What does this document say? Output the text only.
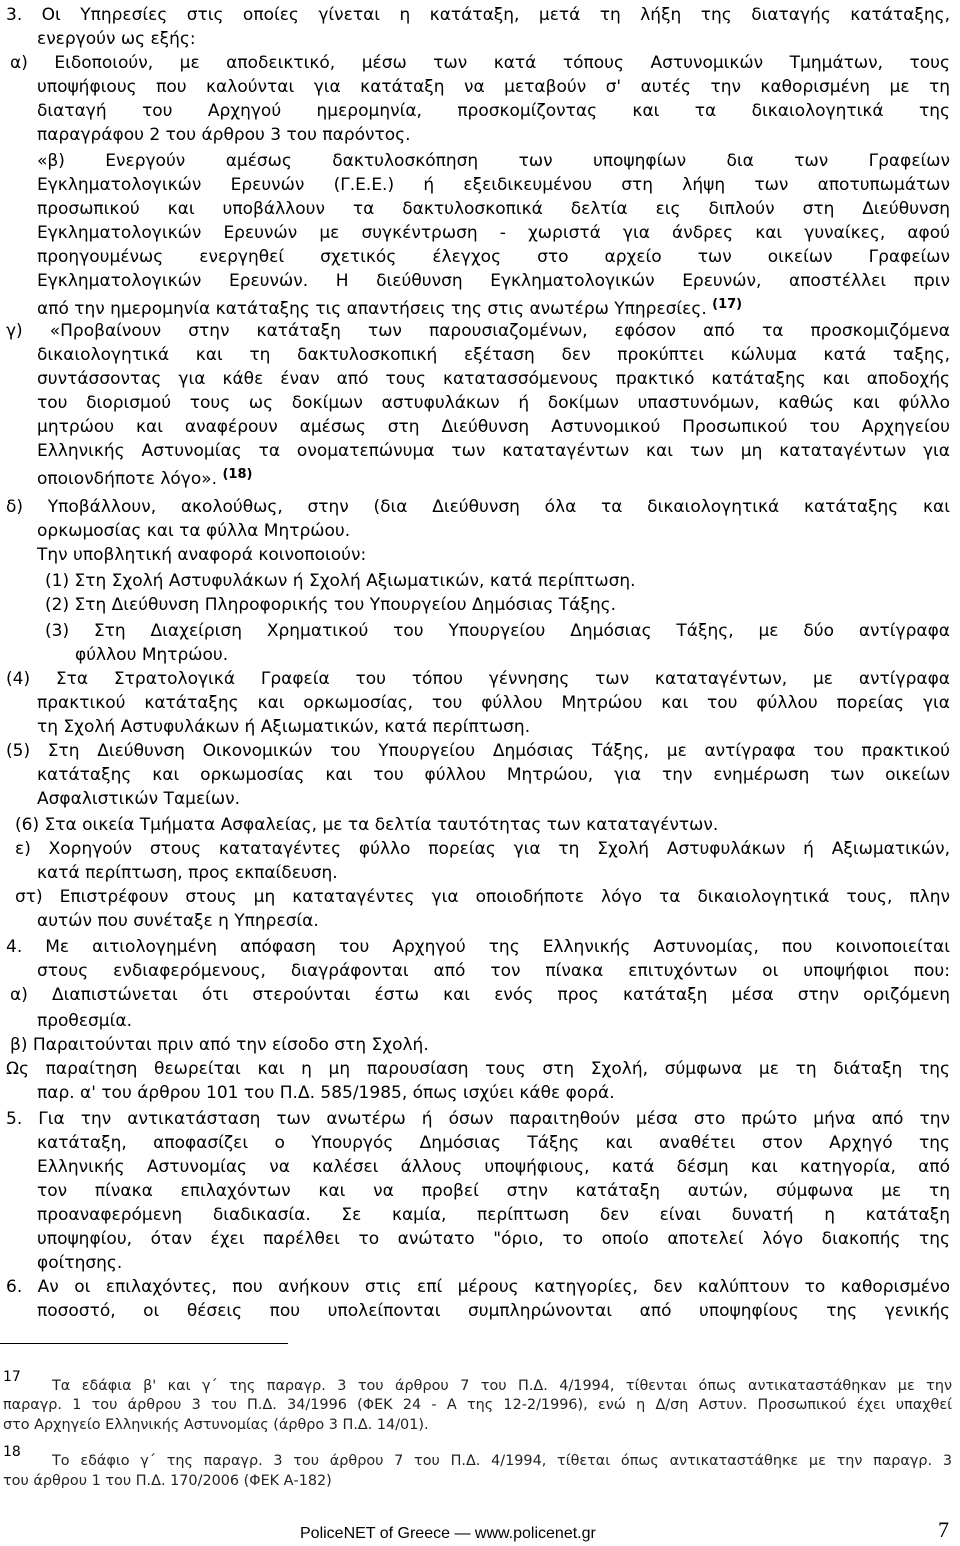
3. Οι Υπηρεσίες στις οποίες γίνεται η κατάταξη, μετά τη λήξη της διαταγής κατάταξης,
ενεργούν ως εξής:
α) Ειδοποιούν, με αποδεικτικό, μέσω των κατά τόπους Αστυνομικών Τμημάτων, τους
υποψήφιους που καλούνται για κατάταξη να μεταβούν σ' αυτές την καθορισμένη με τη
διαταγή του Αρχηγού ημερομηνία, προσκομίζοντας και τα δικαιολογητικά της
παραγράφου 2 του άρθρου 3 του παρόντος.
«β) Ενεργούν αμέσως δακτυλοσκόπηση των υποψηφίων δια των Γραφείων
Εγκληματολογικών Ερευνών (Γ.Ε.Ε.) ή εξειδικευμένου στη λήψη των αποτυπωμάτων
προσωπικού και υποβάλλουν τα δακτυλοσκοπικά δελτία εις διπλούν στη Διεύθυνση
Εγκληματολογικών Ερευνών με συγκέντρωση - χωριστά για άνδρες και γυναίκες, αφού
προηγουμένως ενεργηθεί σχετικός έλεγχος στο αρχείο των οικείων Γραφείων
Εγκληματολογικών Ερευνών. Η διεύθυνση Εγκληματολογικών Ερευνών, αποστέλλει πριν
από την ημερομηνία κατάταξης τις απαντήσεις της στις ανωτέρω Υπηρεσίες. $^{(17)}$
γ) «Προβαίνουν στην κατάταξη των παρουσιαζομένων, εφόσον από τα προσκομιζόμενα
δικαιολογητικά και τη δακτυλοσκοπική εξέταση δεν προκύπτει κώλυμα κατά ταξης,
συντάσσοντας για κάθε έναν από τους κατατασσόμενους πρακτικό κατάταξης και αποδοχής
του διορισμού τους ως δοκίμων αστυφυλάκων ή δοκίμων υπαστυνόμων, καθώς και φύλλο
μητρώου και αναφέρουν αμέσως στη Διεύθυνση Αστυνομικού Προσωπικού του Αρχηγείου
Ελληνικής Αστυνομίας τα ονοματεπώνυμα των καταταγέντων και των μη καταταγέντων για
οποιονδήποτε λόγο». $^{(18)}$
δ) Υποβάλλουν, ακολούθως, στην (δια Διεύθυνση όλα τα δικαιολογητικά κατάταξης και
ορκωμοσίας και τα φύλλα Μητρώου.
Την υποβλητική αναφορά κοινοποιούν:
(1) Στη Σχολή Αστυφυλάκων ή Σχολή Αξιωματικών, κατά περίπτωση.
(2) Στη Διεύθυνση Πληροφορικής του Υπουργείου Δημόσιας Τάξης.
(3) Στη Διαχείριση Χρηματικού του Υπουργείου Δημόσιας Τάξης, με δύο αντίγραφα
φύλλου Μητρώου.
(4) Στα Στρατολογικά Γραφεία του τόπου γέννησης των καταταγέντων, με αντίγραφα
πρακτικού κατάταξης και ορκωμοσίας, του φύλλου Μητρώου και του φύλλου πορείας για
τη Σχολή Αστυφυλάκων ή Αξιωματικών, κατά περίπτωση.
(5) Στη Διεύθυνση Οικονομικών του Υπουργείου Δημόσιας Τάξης, με αντίγραφα του πρακτικού
κατάταξης και ορκωμοσίας και του φύλλου Μητρώου, για την ενημέρωση των οικείων
Ασφαλιστικών Ταμείων.
(6) Στα οικεία Τμήματα Ασφαλείας, με τα δελτία ταυτότητας των καταταγέντων.
ε) Χορηγούν στους καταταγέντες φύλλο πορείας για τη Σχολή Αστυφυλάκων ή Αξιωματικών,
κατά περίπτωση, προς εκπαίδευση.
στ) Επιστρέφουν στους μη καταταγέντες για οποιοδήποτε λόγο τα δικαιολογητικά τους, πλην
αυτών που συνέταξε η Υπηρεσία.
4. Με αιτιολογημένη απόφαση του Αρχηγού της Ελληνικής Αστυνομίας, που κοινοποιείται
στους ενδιαφερόμενους, διαγράφονται από τον πίνακα επιτυχόντων οι υποψήφιοι που:
α) Διαπιστώνεται ότι στερούνται έστω και ενός προς κατάταξη μέσα στην οριζόμενη
προθεσμία.
β) Παραιτούνται πριν από την είσοδο στη Σχολή.
Ως παραίτηση θεωρείται και η μη παρουσίαση τους στη Σχολή, σύμφωνα με τη διάταξη της
παρ. α' του άρθρου 101 του Π.Δ. 585/1985, όπως ισχύει κάθε φορά.
5. Για την αντικατάσταση των ανωτέρω ή όσων παραιτηθούν μέσα στο πρώτο μήνα από την
κατάταξη, αποφασίζει ο Υπουργός Δημόσιας Τάξης και αναθέτει στον Αρχηγό της
Ελληνικής Αστυνομίας να καλέσει άλλους υποψήφιους, κατά δέσμη και κατηγορία, από
τον πίνακα επιλαχόντων και να προβεί στην κατάταξη αυτών, σύμφωνα με τη
προαναφερόμενη διαδικασία. Σε καμία, περίπτωση δεν είναι δυνατή η κατάταξη
υποψηφίου, όταν έχει παρέλθει το ανώτατο "όριο, το οποίο αποτελεί λόγο διακοπής της
φοίτησης.
6. Αν οι επιλαχόντες, που ανήκουν στις επί μέρους κατηγορίες, δεν καλύπτουν το καθορισμένο
ποσοστό, οι θέσεις που υπολείπονται συμπληρώνονται από υποψηφίους της γενικής
17
Τα εδάφια β' και γ΄ της παραγρ. 3 του άρθρου 7 του Π.Δ. 4/1994, τίθενται όπως αντικαταστάθηκαν με την
παραγρ. 1 του άρθρου 3 του Π.Δ. 34/1996 (ΦΕΚ 24 - Α της 12-2/1996), ενώ η Δ/ση Αστυν. Προσωπικού έχει υπαχθεί
στο Αρχηγείο Ελληνικής Αστυνομίας (άρθρο 3 Π.Δ. 14/01).
18
Το εδάφιο γ΄ της παραγρ. 3 του άρθρου 7 του Π.Δ. 4/1994, τίθεται όπως αντικαταστάθηκε με την παραγρ. 3
του άρθρου 1 του Π.Δ. 170/2006 (ΦΕΚ Α-182)
PoliceNET of Greece — www.policenet.gr	7
